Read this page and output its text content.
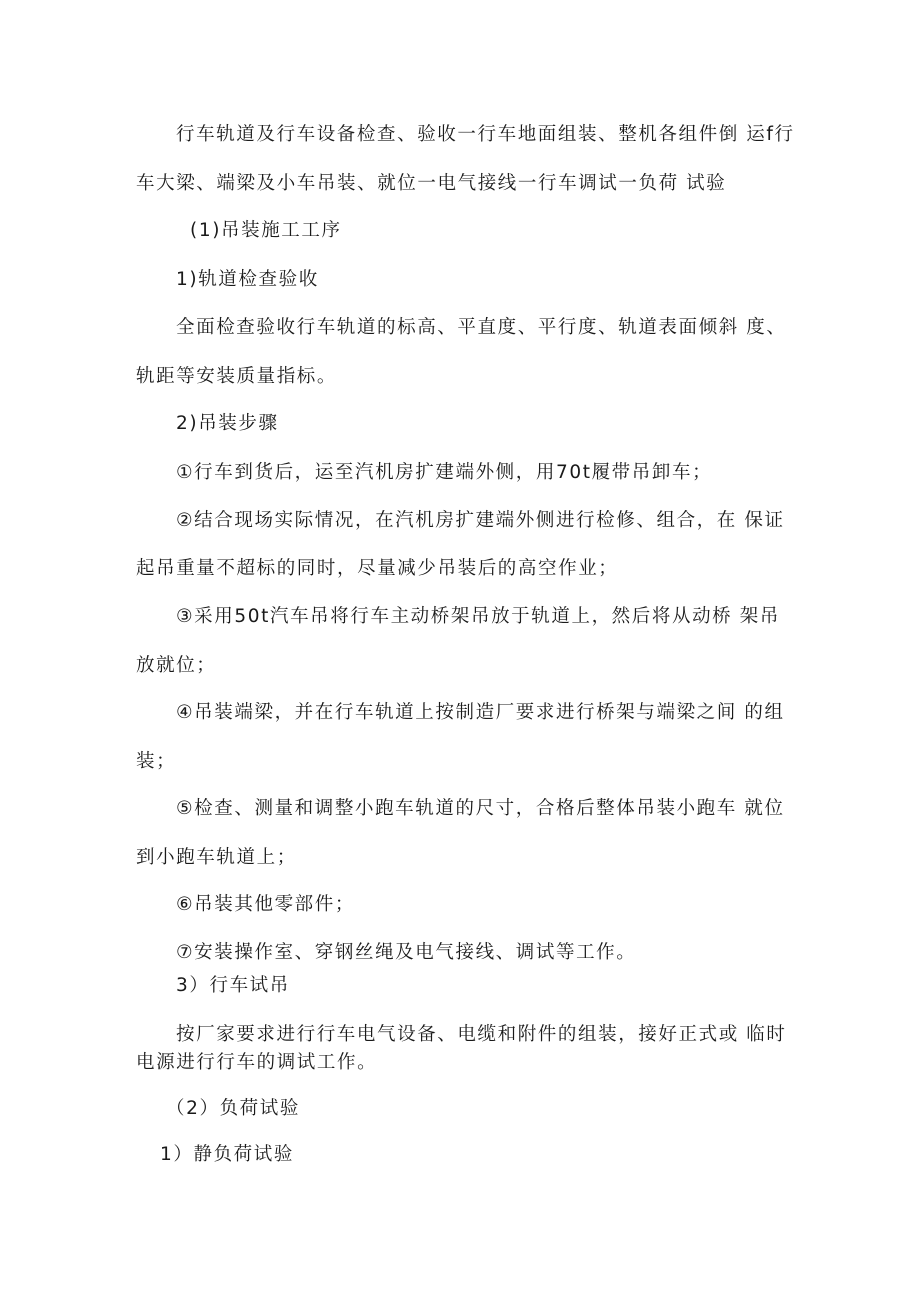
行车轨道及行车设备检查、验收一行车地面组装、整机各组件倒 运f行
车大梁、端梁及小车吊装、就位一电气接线一行车调试一负荷 试验
(1)吊装施工工序
1)轨道检查验收
全面检查验收行车轨道的标高、平直度、平行度、轨道表面倾斜 度、
轨距等安装质量指标。
2)吊装步骤
①行车到货后，运至汽机房扩建端外侧，用70t履带吊卸车；
②结合现场实际情况，在汽机房扩建端外侧进行检修、组合，在 保证
起吊重量不超标的同时，尽量减少吊装后的高空作业；
③采用50t汽车吊将行车主动桥架吊放于轨道上，然后将从动桥 架吊
放就位；
④吊装端梁，并在行车轨道上按制造厂要求进行桥架与端梁之间 的组
装；
⑤检查、测量和调整小跑车轨道的尺寸，合格后整体吊装小跑车 就位
到小跑车轨道上；
⑥吊装其他零部件；
⑦安装操作室、穿钢丝绳及电气接线、调试等工作。
3）行车试吊
按厂家要求进行行车电气设备、电缆和附件的组装，接好正式或 临时
电源进行行车的调试工作。
（2）负荷试验
1）静负荷试验
